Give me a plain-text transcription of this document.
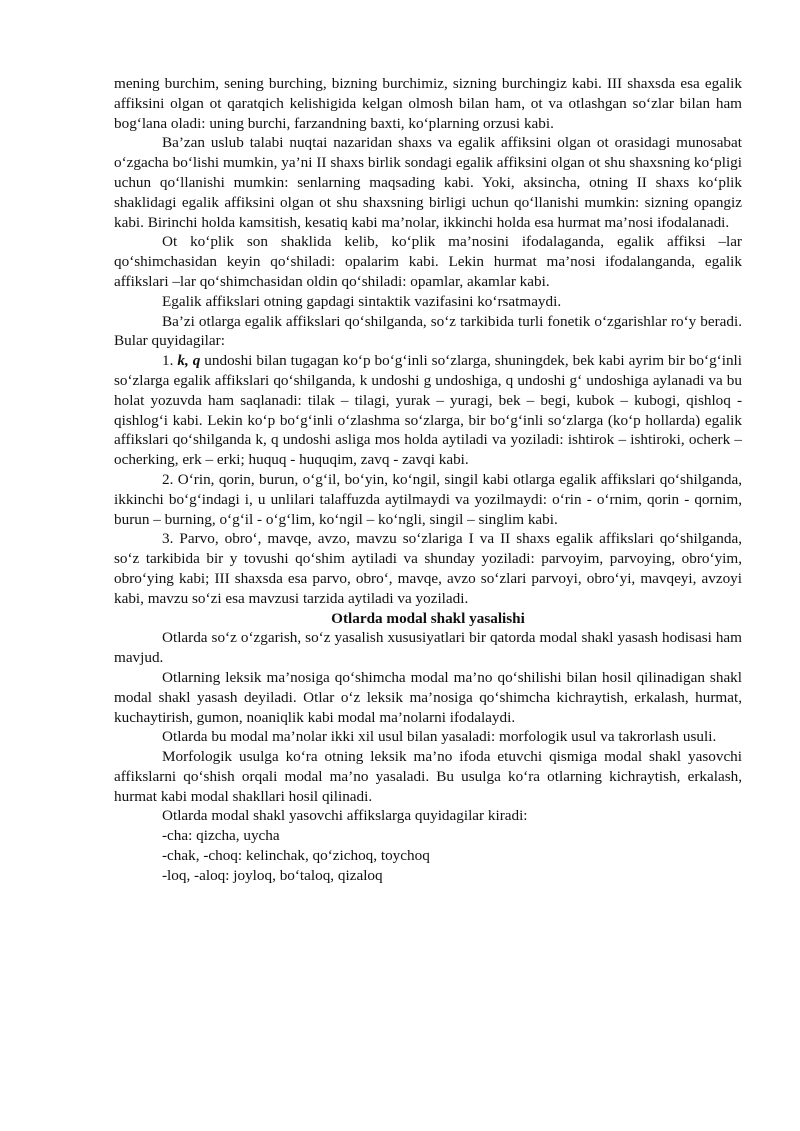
mening burchim, sening burching, bizning burchimiz, sizning burchingiz kabi. III shaxsda esa egalik affiksini olgan ot qaratqich kelishigida kelgan olmosh bilan ham, ot va otlashgan so‘zlar bilan ham bog‘lana oladi: uning burchi, farzandning baxti, ko‘plarning orzusi kabi.

Ba’zan uslub talabi nuqtai nazaridan shaxs va egalik affiksini olgan ot orasidagi munosabat o‘zgacha bo‘lishi mumkin, ya’ni II shaxs birlik sondagi egalik affiksini olgan ot shu shaxsning ko‘pligi uchun qo‘llanishi mumkin: senlarning maqsading kabi. Yoki, aksincha, otning II shaxs ko‘plik shaklidagi egalik affiksini olgan ot shu shaxsning birligi uchun qo‘llanishi mumkin: sizning opangiz kabi. Birinchi holda kamsitish, kesatiq kabi ma’nolar, ikkinchi holda esa hurmat ma’nosi ifodalanadi.

Ot ko‘plik son shaklida kelib, ko‘plik ma’nosini ifodalaganda, egalik affiksi –lar qo‘shimchasidan keyin qo‘shiladi: opalarim kabi. Lekin hurmat ma’nosi ifodalanganda, egalik affikslari –lar qo‘shimchasidan oldin qo‘shiladi: opamlar, akamlar kabi.

Egalik affikslari otning gapdagi sintaktik vazifasini ko‘rsatmaydi.

Ba’zi otlarga egalik affikslari qo‘shilganda, so‘z tarkibida turli fonetik o‘zgarishlar ro‘y beradi. Bular quyidagilar:

1. k, q undoshi bilan tugagan ko‘p bo‘g‘inli so‘zlarga, shuningdek, bek kabi ayrim bir bo‘g‘inli so‘zlarga egalik affikslari qo‘shilganda, k undoshi g undoshiga, q undoshi g‘ undoshiga aylanadi va bu holat yozuvda ham saqlanadi: tilak – tilagi, yurak – yuragi, bek – begi, kubok – kubogi, qishloq - qishlog‘i kabi. Lekin ko‘p bo‘g‘inli o‘zlashma so‘zlarga, bir bo‘g‘inli so‘zlarga (ko‘p hollarda) egalik affikslari qo‘shilganda k, q undoshi asliga mos holda aytiladi va yoziladi: ishtirok – ishtiroki, ocherk – ocherking, erk – erki; huquq - huquqim, zavq - zavqi kabi.

2. O‘rin, qorin, burun, o‘g‘il, bo‘yin, ko‘ngil, singil kabi otlarga egalik affikslari qo‘shilganda, ikkinchi bo‘g‘indagi i, u unlilari talaffuzda aytilmaydi va yozilmaydi: o‘rin - o‘rnim, qorin - qornim, burun – burning, o‘g‘il - o‘g‘lim, ko‘ngil – ko‘ngli, singil – singlim kabi.

3. Parvo, obro‘, mavqe, avzo, mavzu so‘zlariga I va II shaxs egalik affikslari qo‘shilganda, so‘z tarkibida bir y tovushi qo‘shim aytiladi va shunday yoziladi: parvoyim, parvoying, obro‘yim, obro‘ying kabi; III shaxsda esa parvo, obro‘, mavqe, avzo so‘zlari parvoyi, obro‘yi, mavqeyi, avzoyi kabi, mavzu so‘zi esa mavzusi tarzida aytiladi va yoziladi.

Otlarda modal shakl yasalishi

Otlarda so‘z o‘zgarish, so‘z yasalish xususiyatlari bir qatorda modal shakl yasash hodisasi ham mavjud.

Otlarning leksik ma’nosiga qo‘shimcha modal ma’no qo‘shilishi bilan hosil qilinadigan shakl modal shakl yasash deyiladi. Otlar o‘z leksik ma’nosiga qo‘shimcha kichraytish, erkalash, hurmat, kuchaytirish, gumon, noaniqlik kabi modal ma’nolarni ifodalaydi.

Otlarda bu modal ma’nolar ikki xil usul bilan yasaladi: morfologik usul va takrorlash usuli.

Morfologik usulga ko‘ra otning leksik ma’no ifoda etuvchi qismiga modal shakl yasovchi affikslarni qo‘shish orqali modal ma’no yasaladi. Bu usulga ko‘ra otlarning kichraytish, erkalash, hurmat kabi modal shakllari hosil qilinadi.

Otlarda modal shakl yasovchi affikslarga quyidagilar kiradi:

-cha: qizcha, uycha

-chak, -choq: kelinchak, qo‘zichoq, toychoq

-loq, -aloq: joyloq, bo‘taloq, qizaloq
